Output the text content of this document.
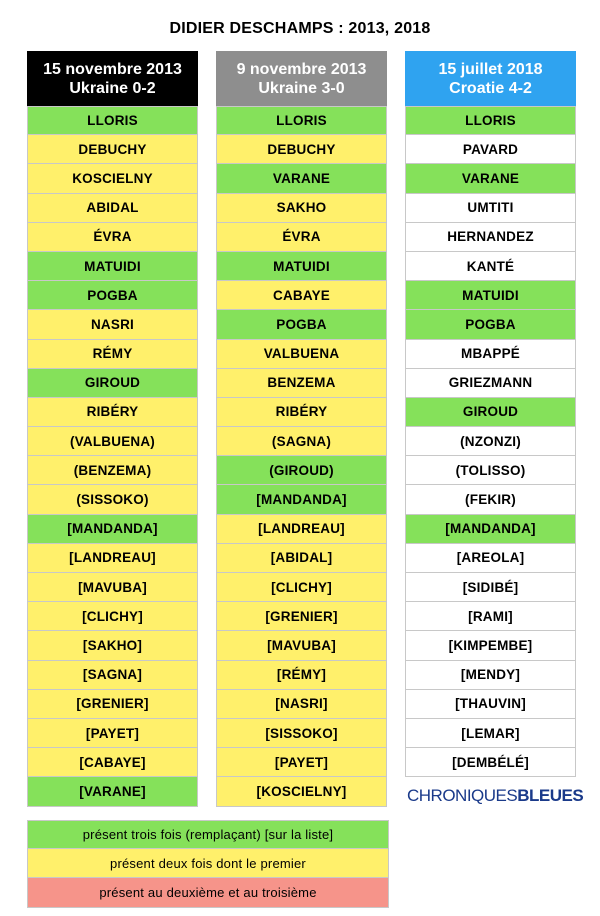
DIDIER DESCHAMPS : 2013, 2018
15 novembre 2013
Ukraine 0-2
LLORIS
DEBUCHY
KOSCIELNY
ABIDAL
ÉVRA
MATUIDI
POGBA
NASRI
RÉMY
GIROUD
RIBÉRY
(VALBUENA)
(BENZEMA)
(SISSOKO)
[MANDANDA]
[LANDREAU]
[MAVUBA]
[CLICHY]
[SAKHO]
[SAGNA]
[GRENIER]
[PAYET]
[CABAYE]
[VARANE]
9 novembre 2013
Ukraine 3-0
LLORIS
DEBUCHY
VARANE
SAKHO
ÉVRA
MATUIDI
CABAYE
POGBA
VALBUENA
BENZEMA
RIBÉRY
(SAGNA)
(GIROUD)
[MANDANDA]
[LANDREAU]
[ABIDAL]
[CLICHY]
[GRENIER]
[MAVUBA]
[RÉMY]
[NASRI]
[SISSOKO]
[PAYET]
[KOSCIELNY]
15 juillet 2018
Croatie 4-2
LLORIS
PAVARD
VARANE
UMTITI
HERNANDEZ
KANTÉ
MATUIDI
POGBA
MBAPPÉ
GRIEZMANN
GIROUD
(NZONZI)
(TOLISSO)
(FEKIR)
[MANDANDA]
[AREOLA]
[SIDIBÉ]
[RAMI]
[KIMPEMBE]
[MENDY]
[THAUVIN]
[LEMAR]
[DEMBÉLÉ]
CHRONIQUES BLEUES
présent trois fois (remplaçant) [sur la liste]
présent deux fois dont le premier
présent au deuxième et au troisième
